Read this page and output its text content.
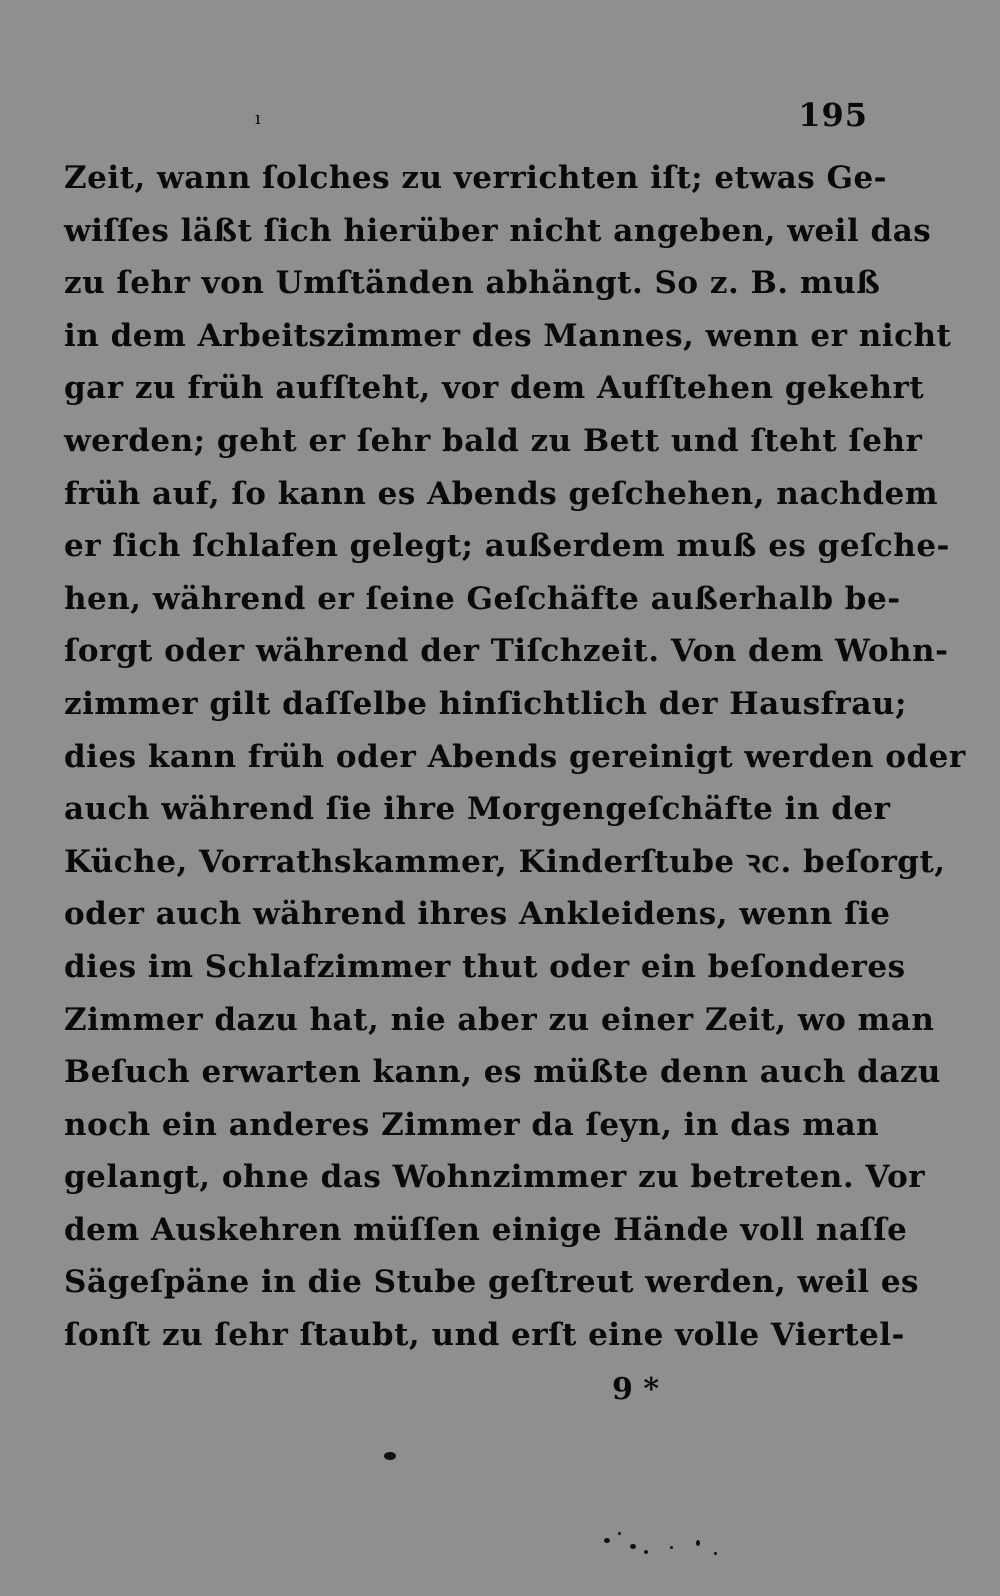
ı	195
Zeit, wann ſolches zu verrichten iſt; etwas Ge-
wiſſes läßt ſich hierüber nicht angeben, weil das
zu ſehr von Umſtänden abhängt. So z. B. muß
in dem Arbeitszimmer des Mannes, wenn er nicht
gar zu früh aufſteht, vor dem Aufſtehen gekehrt
werden; geht er ſehr bald zu Bett und ſteht ſehr
früh auf, ſo kann es Abends geſchehen, nachdem
er ſich ſchlafen gelegt; außerdem muß es geſche-
hen, während er ſeine Geſchäfte außerhalb be-
ſorgt oder während der Tiſchzeit. Von dem Wohn-
zimmer gilt daſſelbe hinſichtlich der Hausfrau;
dies kann früh oder Abends gereinigt werden oder
auch während ſie ihre Morgengeſchäfte in der
Küche, Vorrathskammer, Kinderſtube ꝛc. beſorgt,
oder auch während ihres Ankleidens, wenn ſie
dies im Schlafzimmer thut oder ein beſonderes
Zimmer dazu hat, nie aber zu einer Zeit, wo man
Beſuch erwarten kann, es müßte denn auch dazu
noch ein anderes Zimmer da ſeyn, in das man
gelangt, ohne das Wohnzimmer zu betreten. Vor
dem Auskehren müſſen einige Hände voll naſſe
Sägeſpäne in die Stube geſtreut werden, weil es
ſonſt zu ſehr ſtaubt, und erſt eine volle Viertel-
9 *
